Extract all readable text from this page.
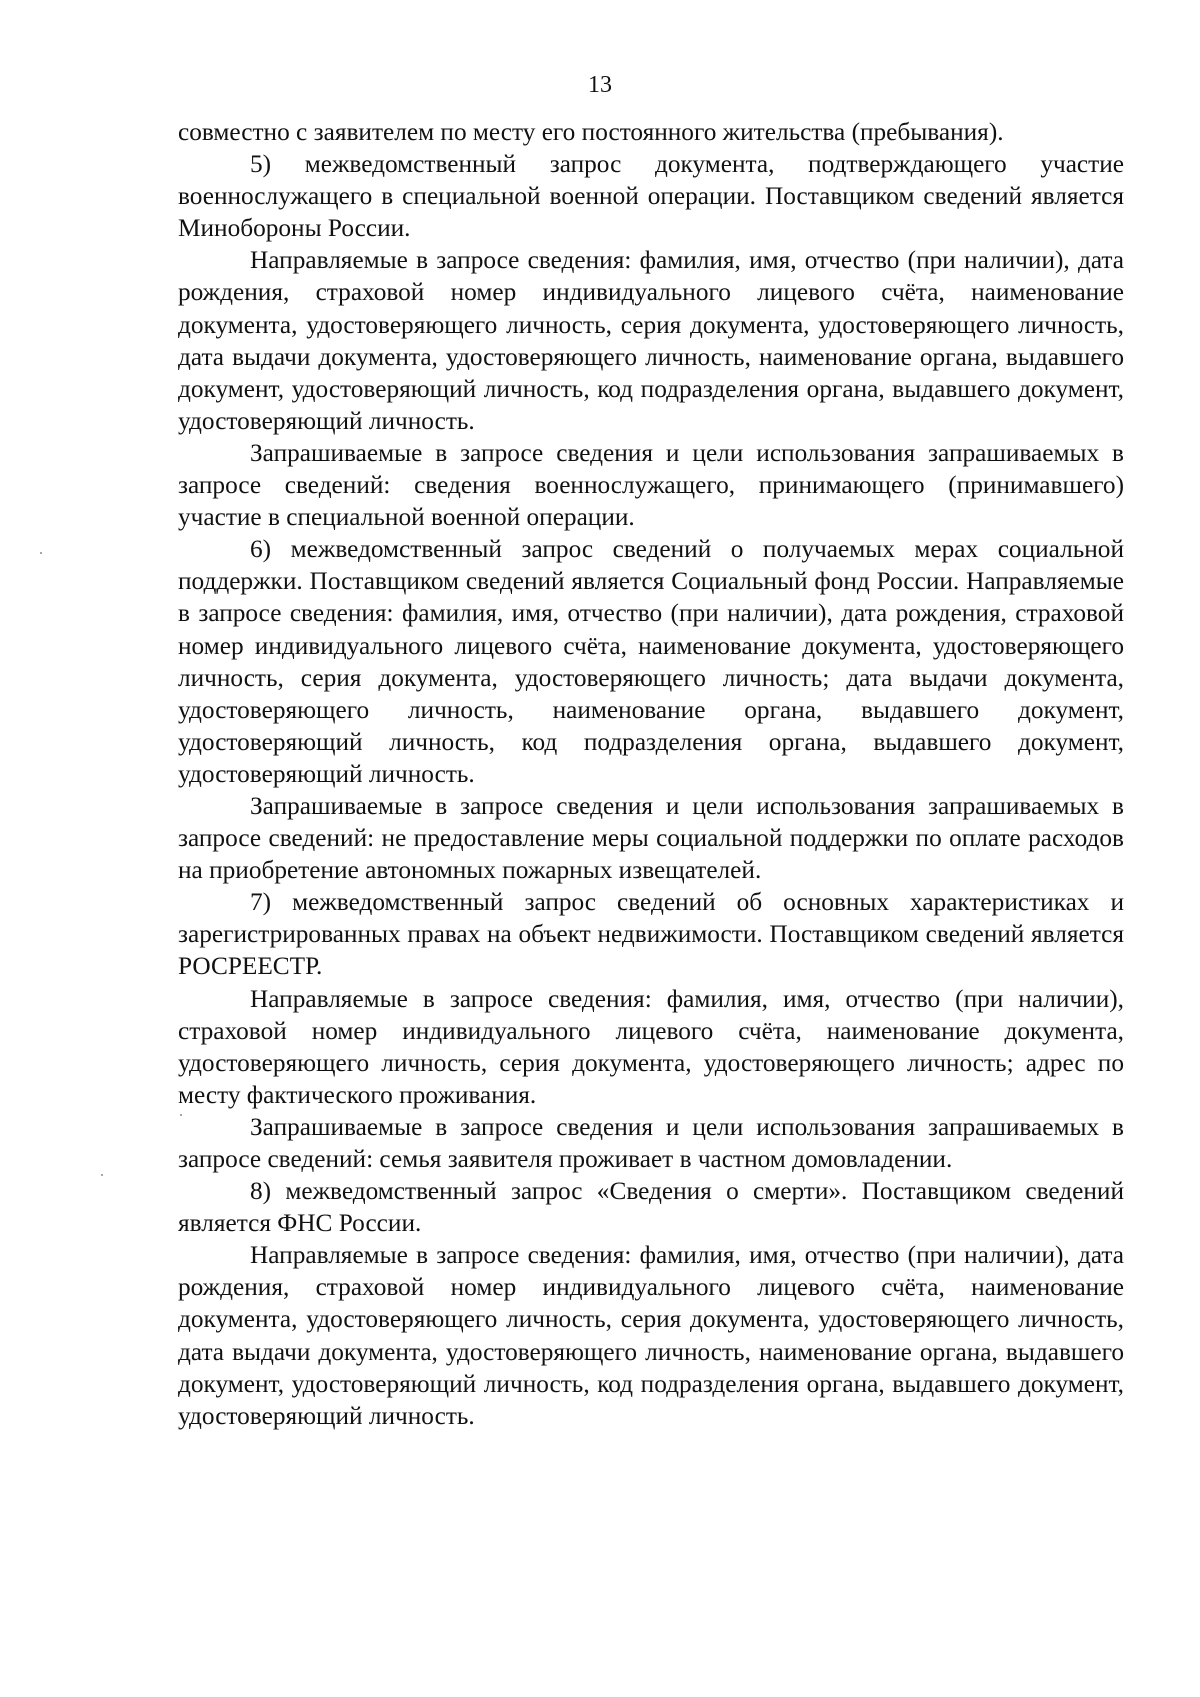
13

совместно с заявителем по месту его постоянного жительства (пребывания).

5) межведомственный запрос документа, подтверждающего участие военнослужащего в специальной военной операции. Поставщиком сведений является Минобороны России.

Направляемые в запросе сведения: фамилия, имя, отчество (при наличии), дата рождения, страховой номер индивидуального лицевого счёта, наименование документа, удостоверяющего личность, серия документа, удостоверяющего личность, дата выдачи документа, удостоверяющего личность, наименование органа, выдавшего документ, удостоверяющий личность, код подразделения органа, выдавшего документ, удостоверяющий личность.

Запрашиваемые в запросе сведения и цели использования запрашиваемых в запросе сведений: сведения военнослужащего, принимающего (принимавшего) участие в специальной военной операции.

6) межведомственный запрос сведений о получаемых мерах социальной поддержки. Поставщиком сведений является Социальный фонд России. Направляемые в запросе сведения: фамилия, имя, отчество (при наличии), дата рождения, страховой номер индивидуального лицевого счёта, наименование документа, удостоверяющего личность, серия документа, удостоверяющего личность; дата выдачи документа, удостоверяющего личность, наименование органа, выдавшего документ, удостоверяющий личность, код подразделения органа, выдавшего документ, удостоверяющий личность.

Запрашиваемые в запросе сведения и цели использования запрашиваемых в запросе сведений: не предоставление меры социальной поддержки по оплате расходов на приобретение автономных пожарных извещателей.

7) межведомственный запрос сведений об основных характеристиках и зарегистрированных правах на объект недвижимости. Поставщиком сведений является РОСРЕЕСТР.

Направляемые в запросе сведения: фамилия, имя, отчество (при наличии), страховой номер индивидуального лицевого счёта, наименование документа, удостоверяющего личность, серия документа, удостоверяющего личность; адрес по месту фактического проживания.

Запрашиваемые в запросе сведения и цели использования запрашиваемых в запросе сведений: семья заявителя проживает в частном домовладении.

8) межведомственный запрос «Сведения о смерти». Поставщиком сведений является ФНС России.

Направляемые в запросе сведения: фамилия, имя, отчество (при наличии), дата рождения, страховой номер индивидуального лицевого счёта, наименование документа, удостоверяющего личность, серия документа, удостоверяющего личность, дата выдачи документа, удостоверяющего личность, наименование органа, выдавшего документ, удостоверяющий личность, код подразделения органа, выдавшего документ, удостоверяющий личность.
